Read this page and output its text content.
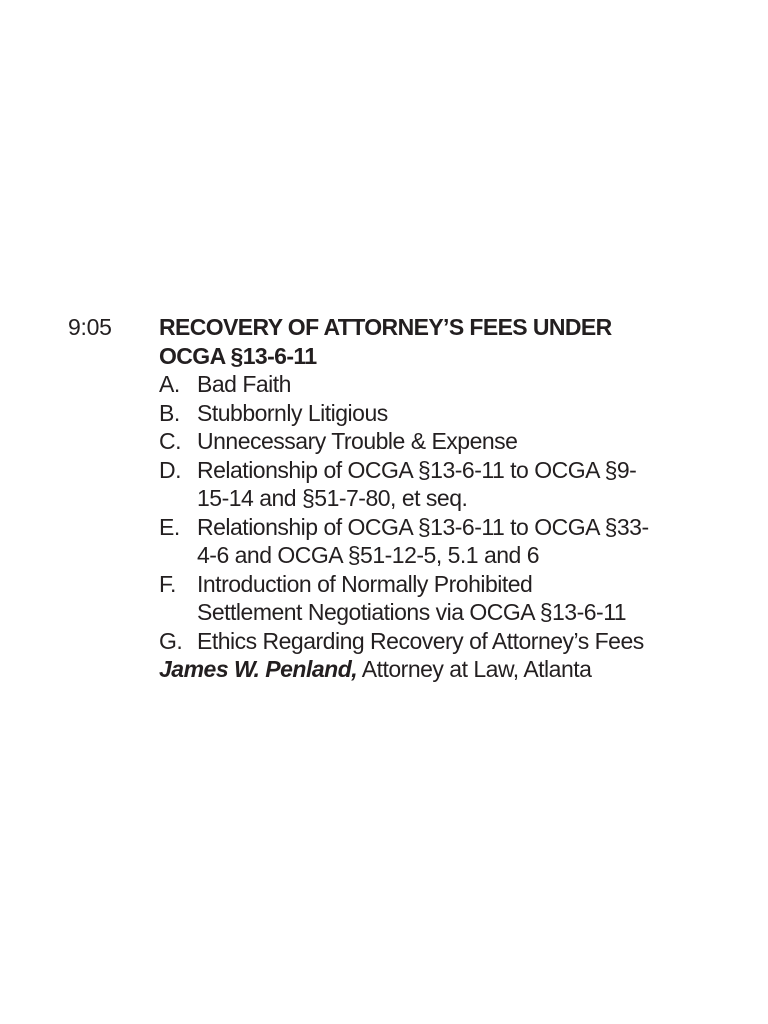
9:05 RECOVERY OF ATTORNEY’S FEES UNDER
OCGA §13-6-11
A. Bad Faith
B. Stubbornly Litigious
C. Unnecessary Trouble & Expense
D. Relationship of OCGA §13-6-11 to OCGA §9-
15-14 and §51-7-80, et seq.
E. Relationship of OCGA §13-6-11 to OCGA §33-
4-6 and OCGA §51-12-5, 5.1 and 6
F. Introduction of Normally Prohibited
Settlement Negotiations via OCGA §13-6-11
G. Ethics Regarding Recovery of Attorney’s Fees
James W. Penland, Attorney at Law, Atlanta
